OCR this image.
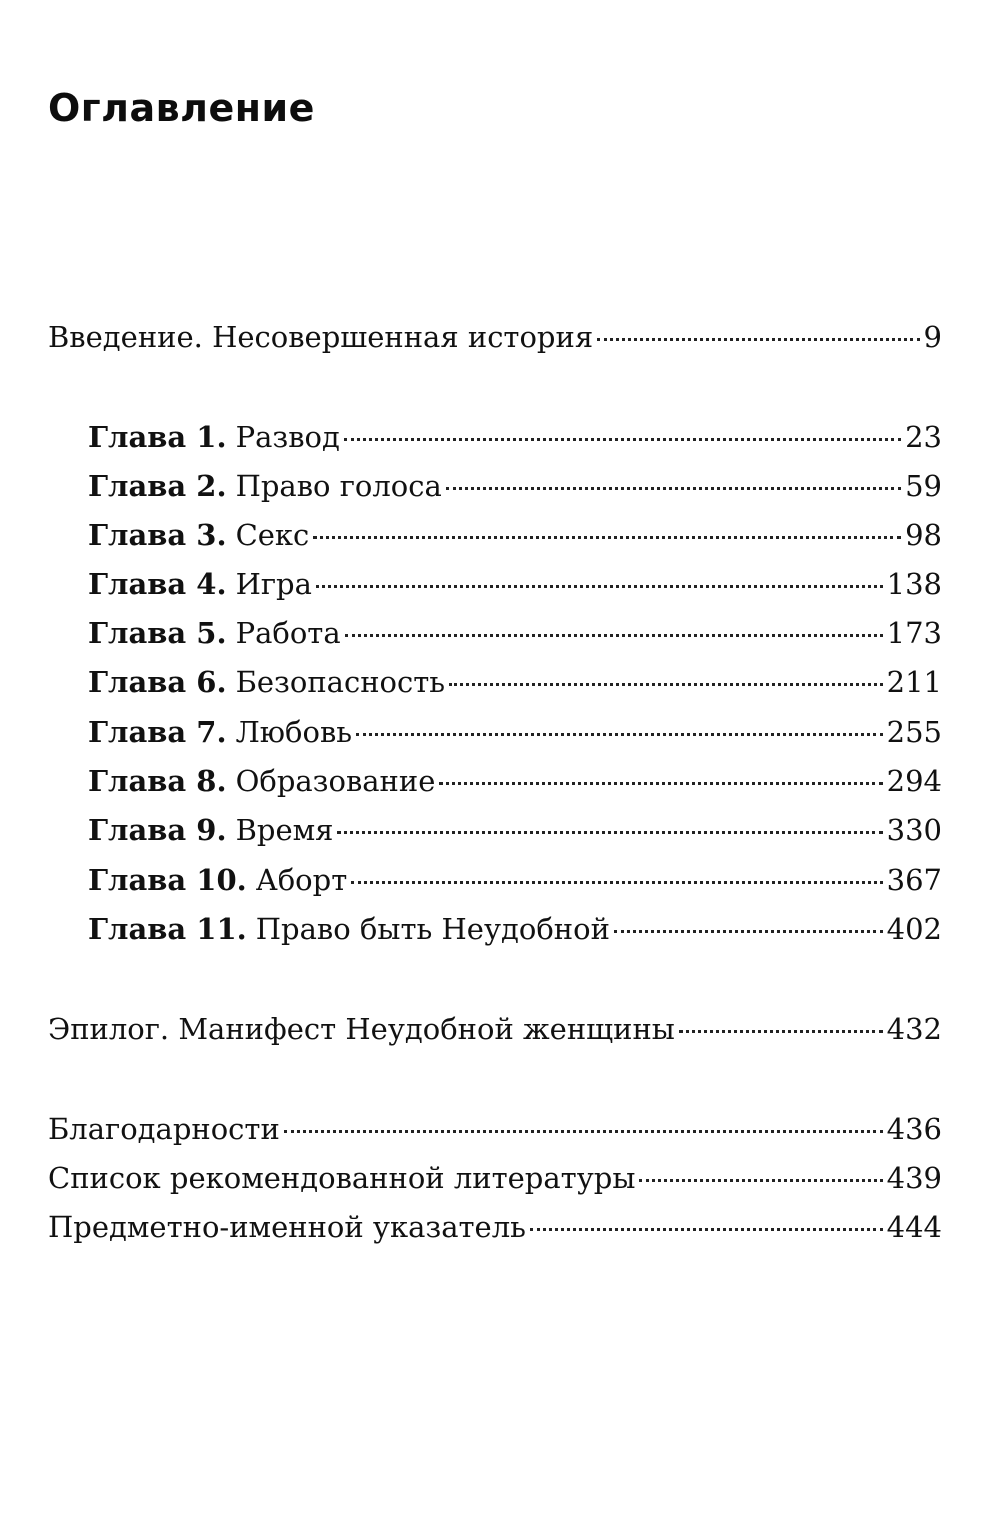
Оглавление
Введение. Несовершенная история	9
Глава 1. Развод	23
Глава 2. Право голоса	59
Глава 3. Секс	98
Глава 4. Игра	138
Глава 5. Работа	173
Глава 6. Безопасность	211
Глава 7. Любовь	255
Глава 8. Образование	294
Глава 9. Время	330
Глава 10. Аборт	367
Глава 11. Право быть Неудобной	402
Эпилог. Манифест Неудобной женщины	432
Благодарности	436
Список рекомендованной литературы	439
Предметно-именной указатель	444
